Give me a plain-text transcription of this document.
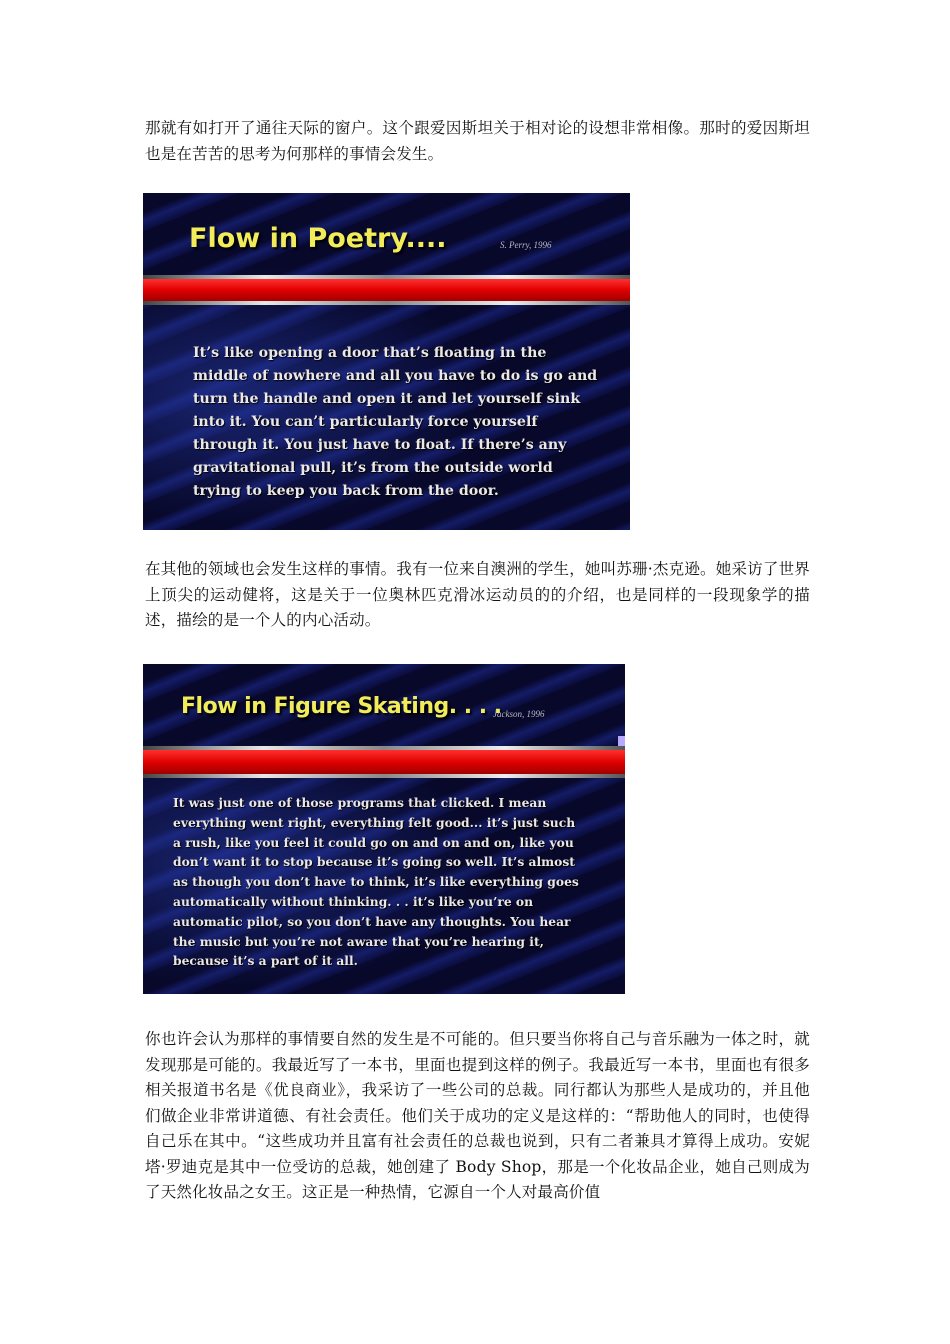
那就有如打开了通往天际的窗户。这个跟爱因斯坦关于相对论的设想非常相像。那时的爱因斯坦也是在苦苦的思考为何那样的事情会发生。

Flow in Poetry....	S. Perry, 1996
It’s like opening a door that’s floating in the middle of nowhere and all you have to do is go and turn the handle and open it and let yourself sink into it. You can’t particularly force yourself through it. You just have to float. If there’s any gravitational pull, it’s from the outside world trying to keep you back from the door.

在其他的领域也会发生这样的事情。我有一位来自澳洲的学生，她叫苏珊·杰克逊。她采访了世界上顶尖的运动健将，这是关于一位奥林匹克滑冰运动员的的介绍，也是同样的一段现象学的描述，描绘的是一个人的内心活动。

Flow in Figure Skating. . . .
Jackson, 1996
It was just one of those programs that clicked. I mean everything went right, everything felt good... it’s just such a rush, like you feel it could go on and on and on, like you don’t want it to stop because it’s going so well. It’s almost as though you don’t have to think, it’s like everything goes automatically without thinking. . . it’s like you’re on automatic pilot, so you don’t have any thoughts. You hear the music but you’re not aware that you’re hearing it, because it’s a part of it all.

你也许会认为那样的事情要自然的发生是不可能的。但只要当你将自己与音乐融为一体之时，就发现那是可能的。我最近写了一本书，里面也提到这样的例子。我最近写一本书，里面也有很多相关报道书名是《优良商业》，我采访了一些公司的总裁。同行都认为那些人是成功的，并且他们做企业非常讲道德、有社会责任。他们关于成功的定义是这样的：“帮助他人的同时，也使得自己乐在其中。“这些成功并且富有社会责任的总裁也说到，只有二者兼具才算得上成功。安妮塔·罗迪克是其中一位受访的总裁，她创建了 Body Shop，那是一个化妆品企业，她自己则成为了天然化妆品之女王。这正是一种热情，它源自一个人对最高价值
